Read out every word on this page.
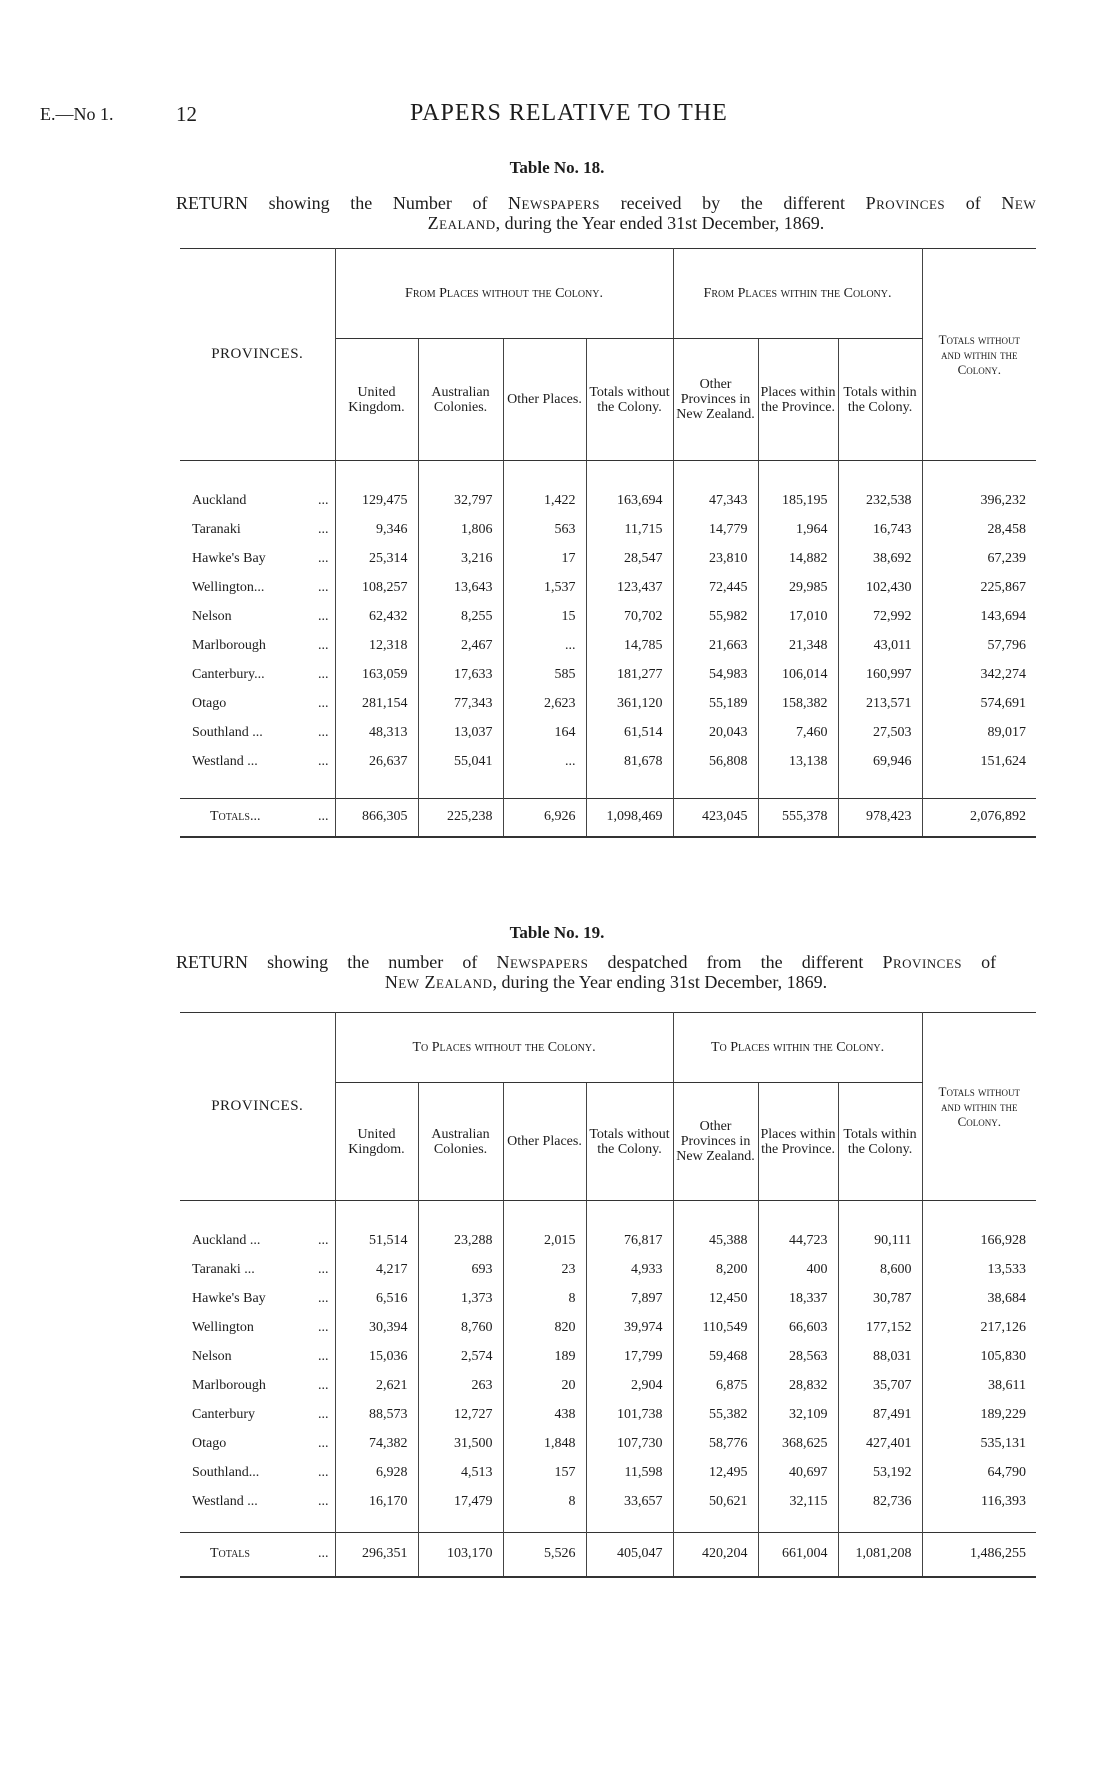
E.—No 1.	12	PAPERS RELATIVE TO THE
Table No. 18.
RETURN showing the Number of Newspapers received by the different Provinces of New
Zealand, during the Year ended 31st December, 1869.
PROVINCES.	From Places without the Colony.				From Places within the Colony.			Totals without and within the Colony.
	United Kingdom.	Australian Colonies.	Other Places.	Totals without the Colony.	Other Provinces in New Zealand.	Places within the Province.	Totals within the Colony.	

Auckland ...	129,475	32,797	1,422	163,694	47,343	185,195	232,538	396,232
Taranaki ...	9,346	1,806	563	11,715	14,779	1,964	16,743	28,458
Hawke's Bay ...	25,314	3,216	17	28,547	23,810	14,882	38,692	67,239
Wellington... ...	108,257	13,643	1,537	123,437	72,445	29,985	102,430	225,867
Nelson ...	62,432	8,255	15	70,702	55,982	17,010	72,992	143,694
Marlborough ...	12,318	2,467	...	14,785	21,663	21,348	43,011	57,796
Canterbury... ...	163,059	17,633	585	181,277	54,983	106,014	160,997	342,274
Otago ...	281,154	77,343	2,623	361,120	55,189	158,382	213,571	574,691
Southland ... ...	48,313	13,037	164	61,514	20,043	7,460	27,503	89,017
Westland ... ...	26,637	55,041	...	81,678	56,808	13,138	69,946	151,624

Totals... ...	866,305	225,238	6,926	1,098,469	423,045	555,378	978,423	2,076,892
Table No. 19.
RETURN showing the number of Newspapers despatched from the different Provinces of
New Zealand, during the Year ending 31st December, 1869.
PROVINCES.	To Places without the Colony.				To Places within the Colony.			Totals without and within the Colony.
	United Kingdom.	Australian Colonies.	Other Places.	Totals without the Colony.	Other Provinces in New Zealand.	Places within the Province.	Totals within the Colony.	

Auckland ... ...	51,514	23,288	2,015	76,817	45,388	44,723	90,111	166,928
Taranaki ... ...	4,217	693	23	4,933	8,200	400	8,600	13,533
Hawke's Bay ...	6,516	1,373	8	7,897	12,450	18,337	30,787	38,684
Wellington ...	30,394	8,760	820	39,974	110,549	66,603	177,152	217,126
Nelson ...	15,036	2,574	189	17,799	59,468	28,563	88,031	105,830
Marlborough ...	2,621	263	20	2,904	6,875	28,832	35,707	38,611
Canterbury ...	88,573	12,727	438	101,738	55,382	32,109	87,491	189,229
Otago ...	74,382	31,500	1,848	107,730	58,776	368,625	427,401	535,131
Southland... ...	6,928	4,513	157	11,598	12,495	40,697	53,192	64,790
Westland ... ...	16,170	17,479	8	33,657	50,621	32,115	82,736	116,393

Totals ...	296,351	103,170	5,526	405,047	420,204	661,004	1,081,208	1,486,255
